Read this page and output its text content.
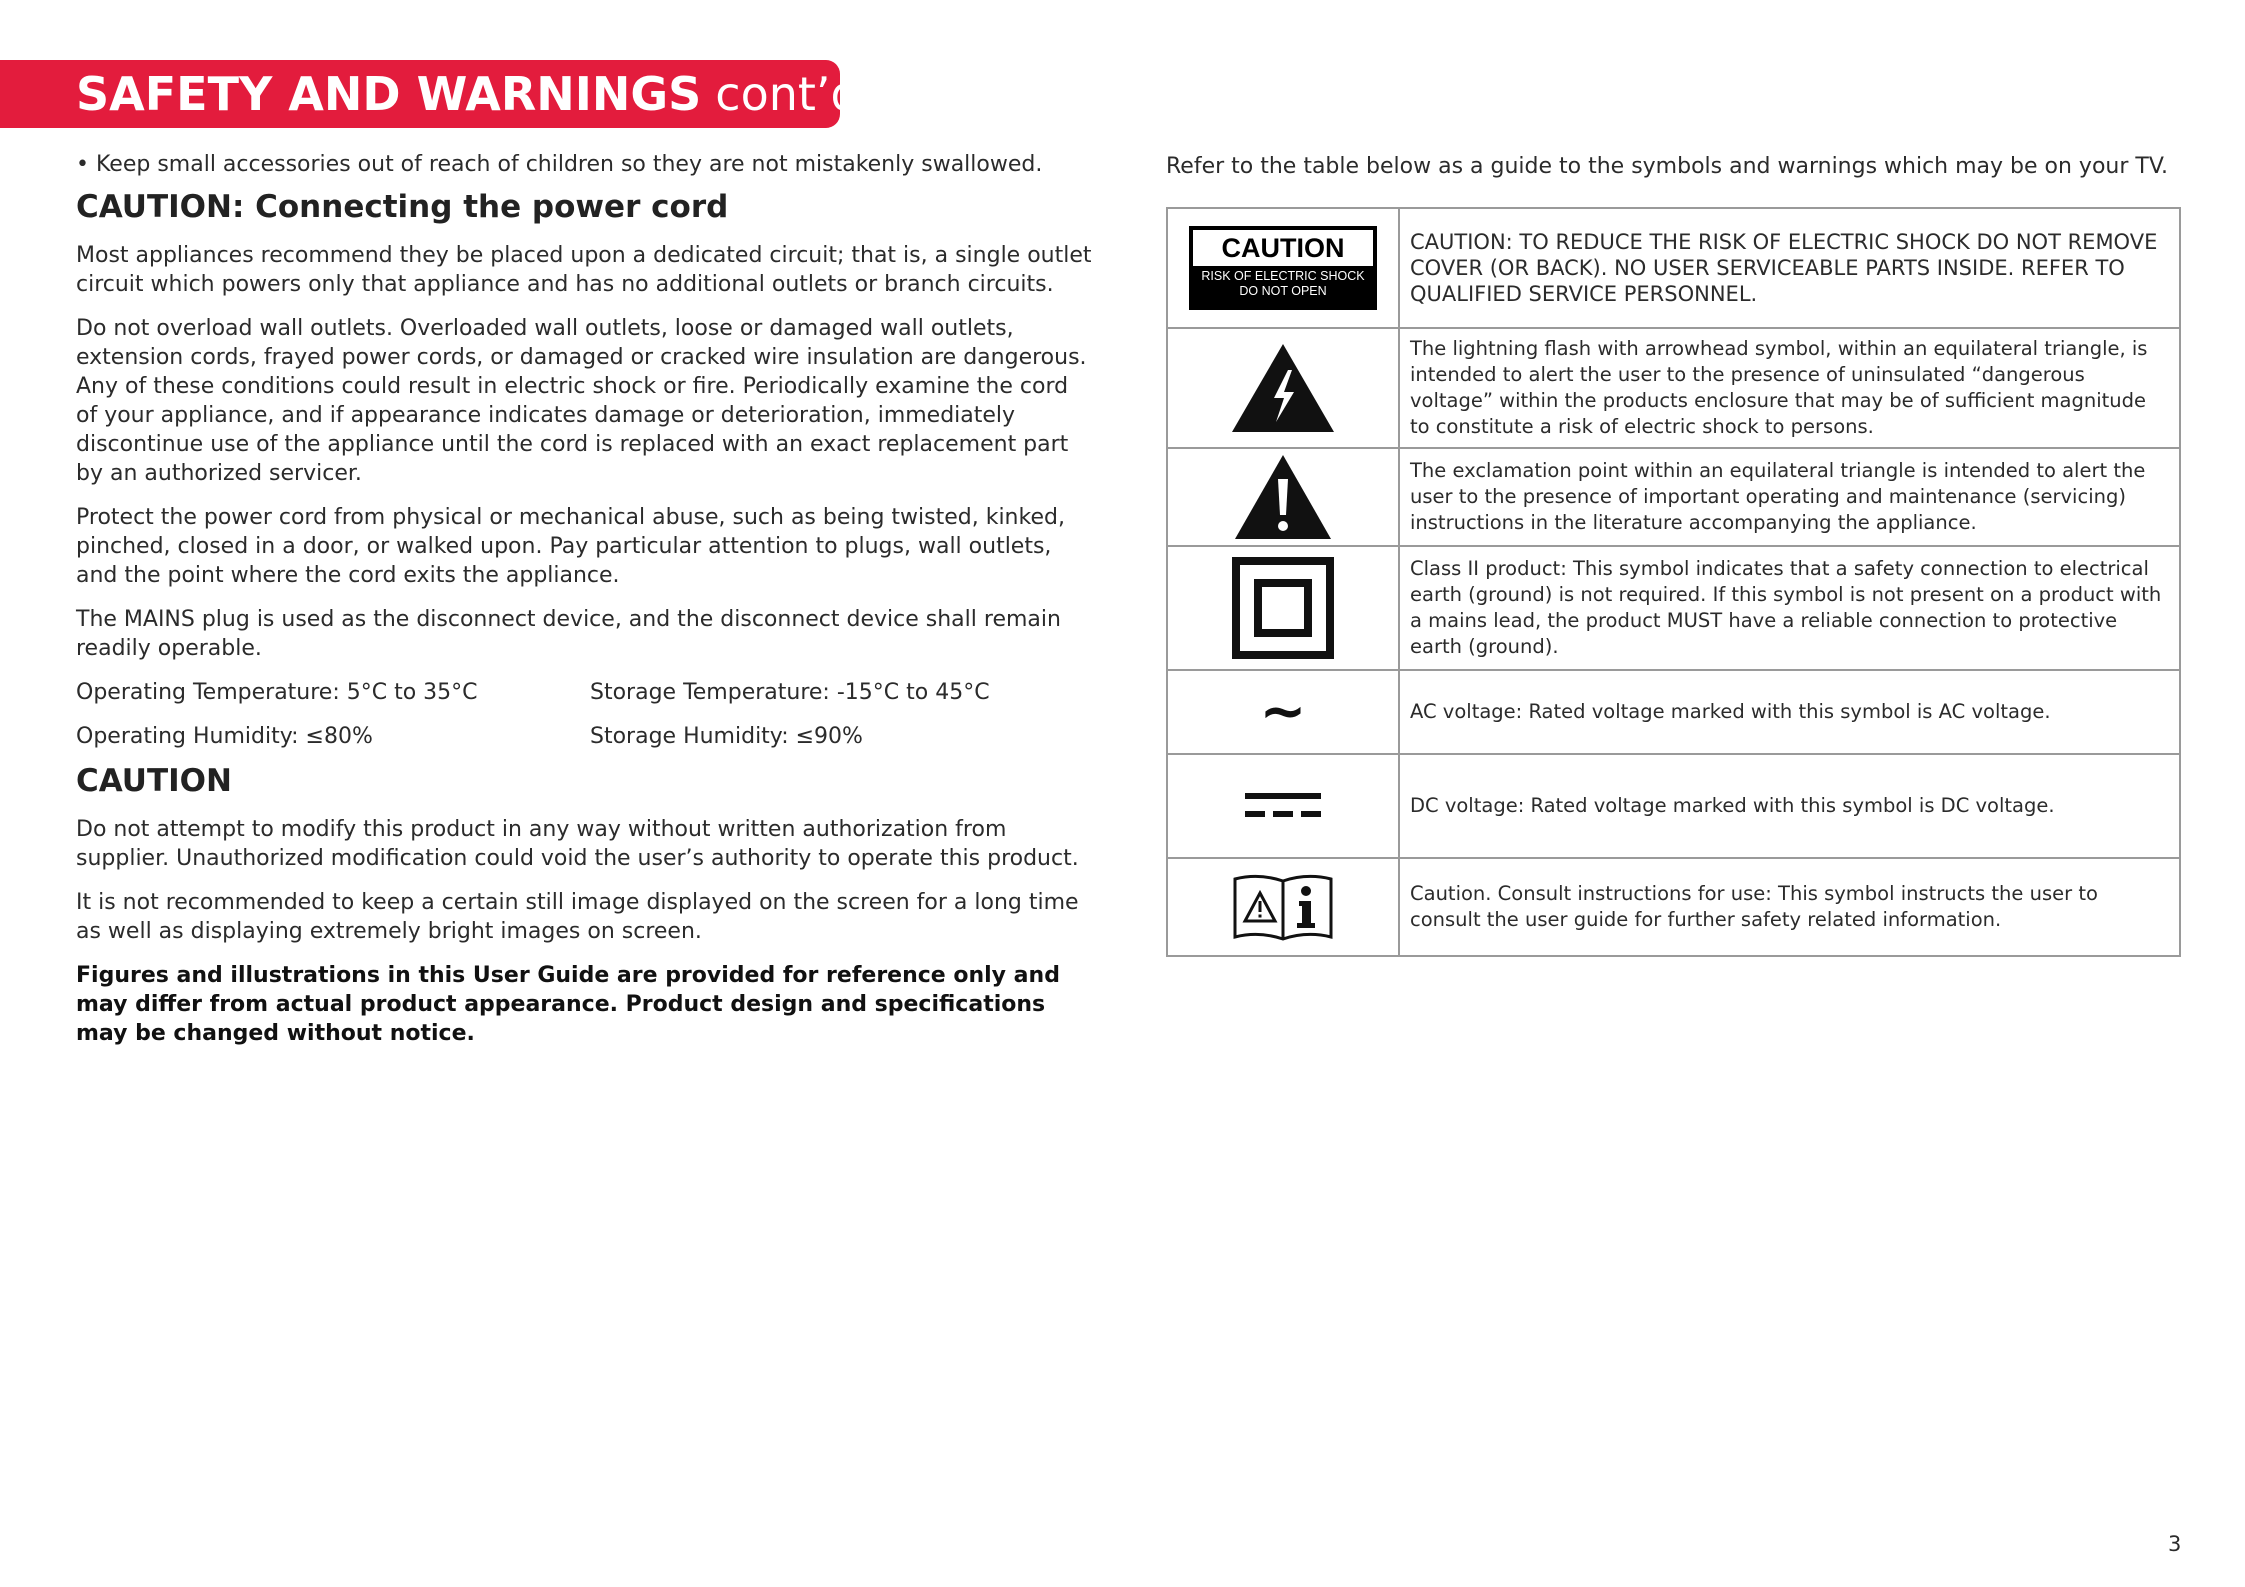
SAFETY AND WARNINGS cont’d

• Keep small accessories out of reach of children so they are not mistakenly swallowed.

CAUTION: Connecting the power cord

Most appliances recommend they be placed upon a dedicated circuit; that is, a single outlet circuit which powers only that appliance and has no additional outlets or branch circuits.

Do not overload wall outlets. Overloaded wall outlets, loose or damaged wall outlets, extension cords, frayed power cords, or damaged or cracked wire insulation are dangerous. Any of these conditions could result in electric shock or fire. Periodically examine the cord of your appliance, and if appearance indicates damage or deterioration, immediately discontinue use of the appliance until the cord is replaced with an exact replacement part by an authorized servicer.

Protect the power cord from physical or mechanical abuse, such as being twisted, kinked, pinched, closed in a door, or walked upon. Pay particular attention to plugs, wall outlets, and the point where the cord exits the appliance.

The MAINS plug is used as the disconnect device, and the disconnect device shall remain readily operable.

Operating Temperature: 5°C to 35°C	Storage Temperature: -15°C to 45°C
Operating Humidity: ≤80%	Storage Humidity: ≤90%
CAUTION

Do not attempt to modify this product in any way without written authorization from supplier. Unauthorized modification could void the user’s authority to operate this product.

It is not recommended to keep a certain still image displayed on the screen for a long time as well as displaying extremely bright images on screen.

Figures and illustrations in this User Guide are provided for reference only and may differ from actual product appearance. Product design and specifications may be changed without notice.

Refer to the table below as a guide to the symbols and warnings which may be on your TV.
CAUTION
RISK OF ELECTRIC SHOCK
DO NOT OPEN	CAUTION: TO REDUCE THE RISK OF ELECTRIC SHOCK DO NOT REMOVE COVER (OR BACK). NO USER SERVICEABLE PARTS INSIDE. REFER TO QUALIFIED SERVICE PERSONNEL.
	The lightning flash with arrowhead symbol, within an equilateral triangle, is intended to alert the user to the presence of uninsulated “dangerous voltage” within the products enclosure that may be of sufficient magnitude to constitute a risk of electric shock to persons.
	The exclamation point within an equilateral triangle is intended to alert the user to the presence of important operating and maintenance (servicing) instructions in the literature accompanying the appliance.
	Class II product: This symbol indicates that a safety connection to electrical earth (ground) is not required. If this symbol is not present on a product with a mains lead, the product MUST have a reliable connection to protective earth (ground).
~	AC voltage: Rated voltage marked with this symbol is AC voltage.
	DC voltage: Rated voltage marked with this symbol is DC voltage.
	Caution. Consult instructions for use: This symbol instructs the user to consult the user guide for further safety related information.
3
